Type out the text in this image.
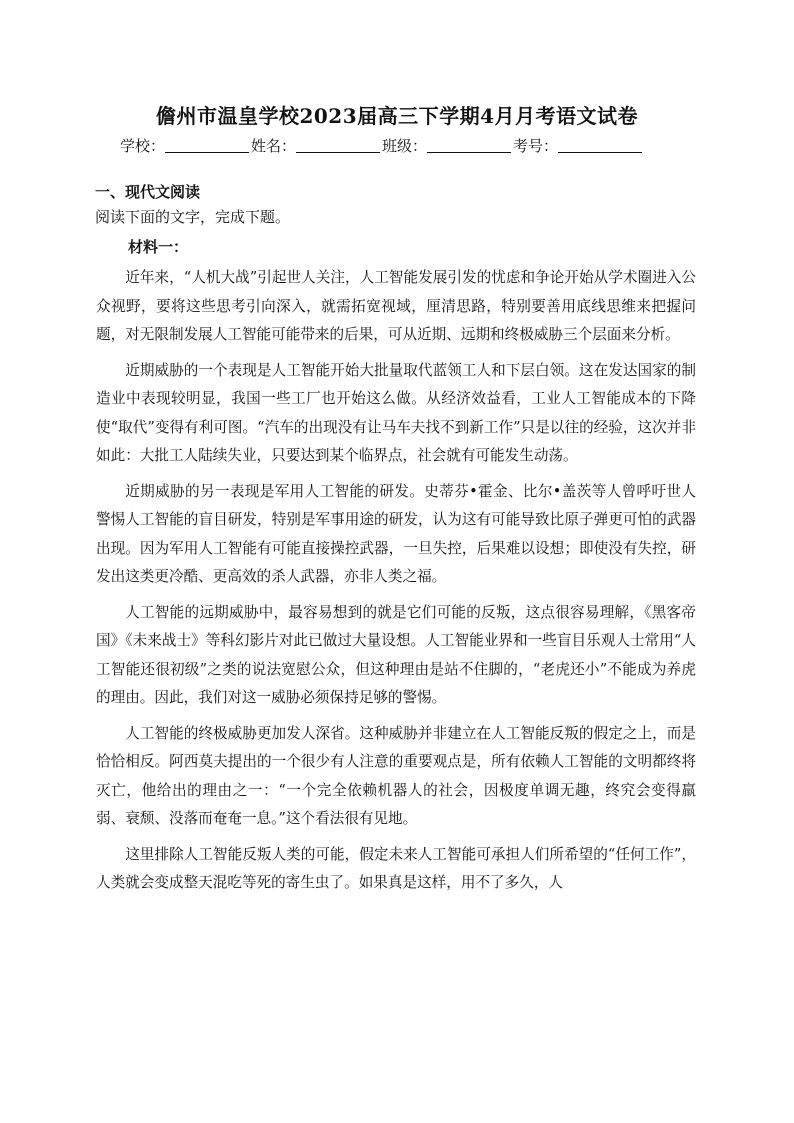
儋州市温皇学校2023届高三下学期4月月考语文试卷
学校：	姓名：	班级：	考号：
一、现代文阅读
阅读下面的文字，完成下题。
材料一：

近年来，“人机大战”引起世人关注，人工智能发展引发的忧虑和争论开始从学术圈进入公众视野，要将这些思考引向深入，就需拓宽视域，厘清思路，特别要善用底线思维来把握问题，对无限制发展人工智能可能带来的后果，可从近期、远期和终极威胁三个层面来分析。

近期威胁的一个表现是人工智能开始大批量取代蓝领工人和下层白领。这在发达国家的制造业中表现较明显，我国一些工厂也开始这么做。从经济效益看，工业人工智能成本的下降使“取代”变得有利可图。“汽车的出现没有让马车夫找不到新工作”只是以往的经验，这次并非如此：大批工人陆续失业，只要达到某个临界点，社会就有可能发生动荡。

近期威胁的另一表现是军用人工智能的研发。史蒂芬•霍金、比尔•盖茨等人曾呼吁世人警惕人工智能的盲目研发，特别是军事用途的研发，认为这有可能导致比原子弹更可怕的武器出现。因为军用人工智能有可能直接操控武器，一旦失控，后果难以设想；即使没有失控，研发出这类更冷酷、更高效的杀人武器，亦非人类之福。

人工智能的远期威胁中，最容易想到的就是它们可能的反叛，这点很容易理解，《黑客帝国》《未来战士》等科幻影片对此已做过大量设想。人工智能业界和一些盲目乐观人士常用“人工智能还很初级”之类的说法宽慰公众，但这种理由是站不住脚的，“老虎还小”不能成为养虎的理由。因此，我们对这一威胁必须保持足够的警惕。

人工智能的终极威胁更加发人深省。这种威胁并非建立在人工智能反叛的假定之上，而是恰恰相反。阿西莫夫提出的一个很少有人注意的重要观点是，所有依赖人工智能的文明都终将灭亡，他给出的理由之一：“一个完全依赖机器人的社会，因极度单调无趣，终究会变得羸弱、衰颓、没落而奄奄一息。”这个看法很有见地。

这里排除人工智能反叛人类的可能，假定未来人工智能可承担人们所希望的“任何工作”，人类就会变成整天混吃等死的寄生虫了。如果真是这样，用不了多久，人
